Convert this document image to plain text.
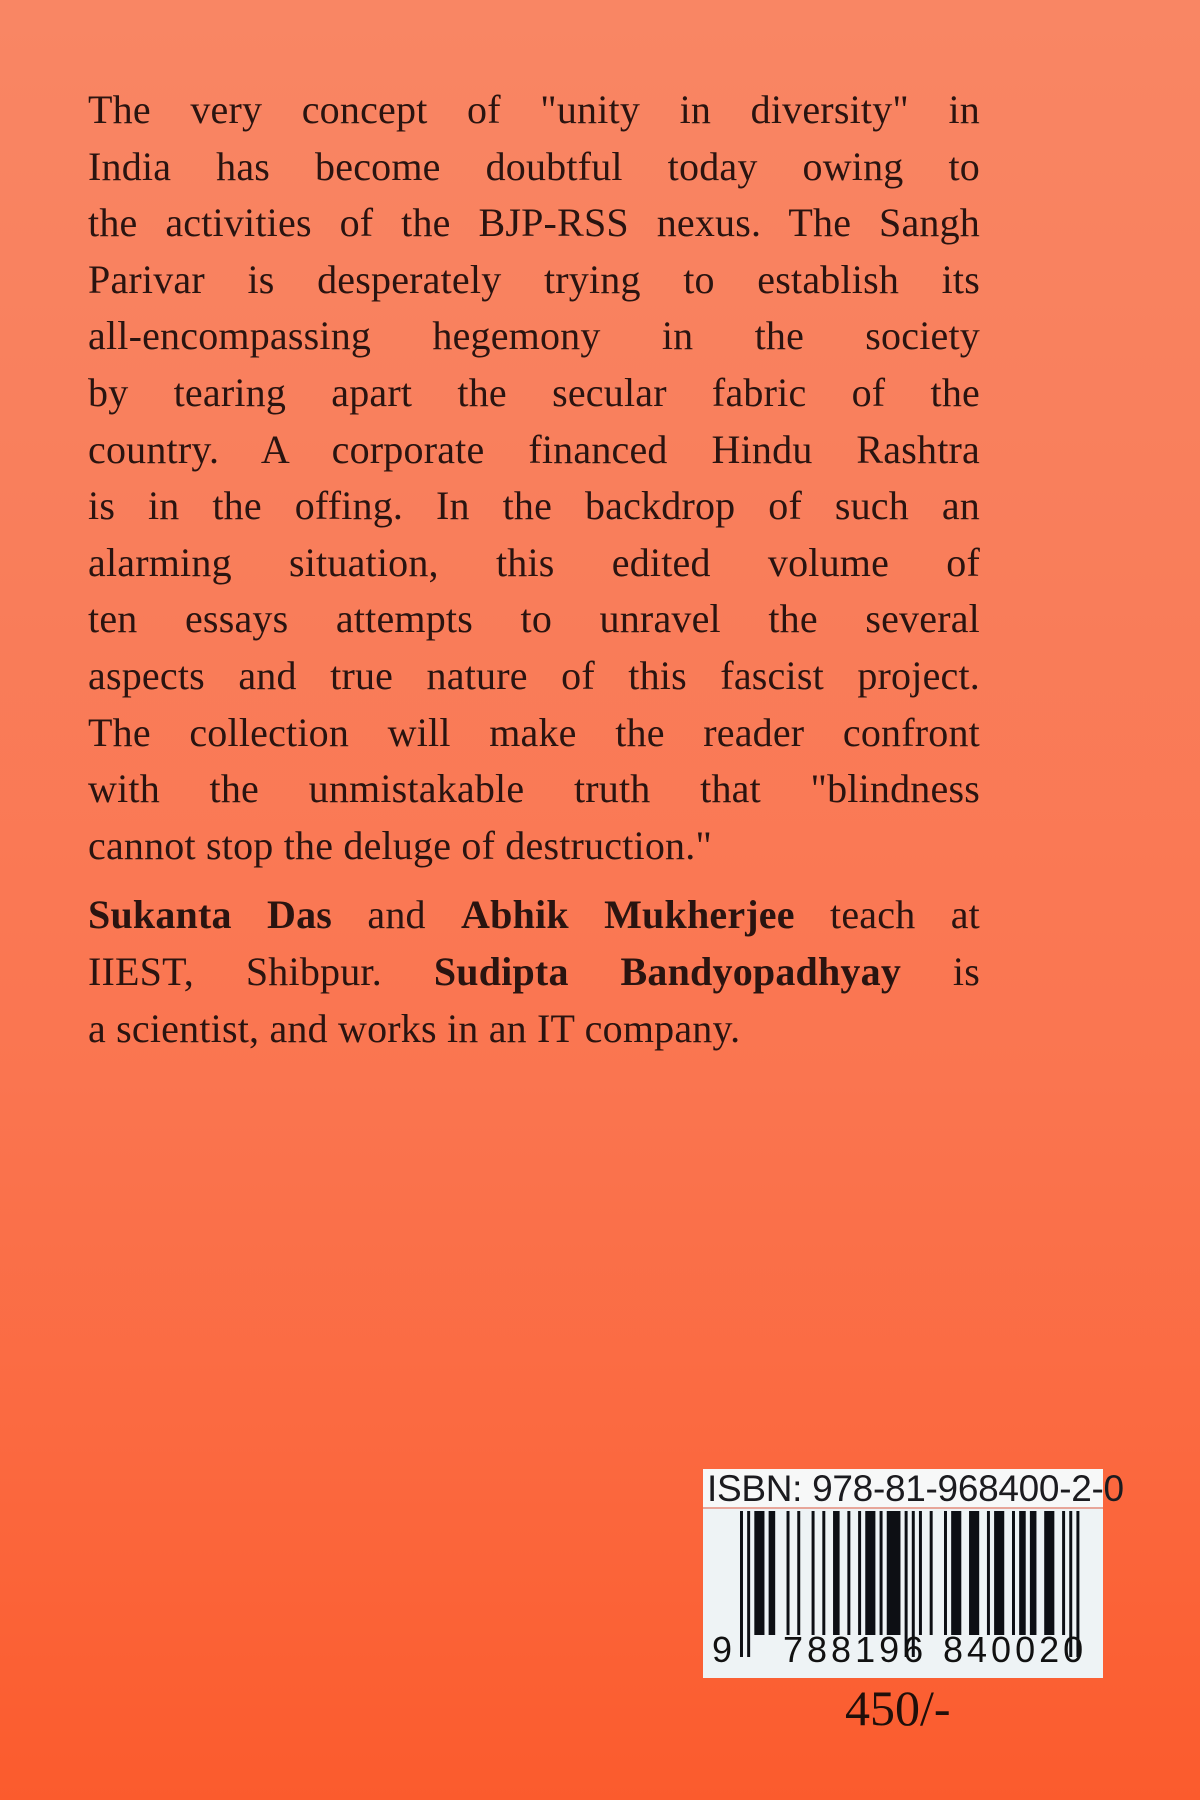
The very concept of "unity in diversity" in
India has become doubtful today owing to
the activities of the BJP-RSS nexus. The Sangh
Parivar is desperately trying to establish its
all-encompassing hegemony in the society
by tearing apart the secular fabric of the
country. A corporate financed Hindu Rashtra
is in the offing. In the backdrop of such an
alarming situation, this edited volume of
ten essays attempts to unravel the several
aspects and true nature of this fascist project.
The collection will make the reader confront
with the unmistakable truth that "blindness
cannot stop the deluge of destruction."

Sukanta Das and Abhik Mukherjee teach at
IIEST, Shibpur. Sudipta Bandyopadhyay is
a scientist, and works in an IT company.

ISBN: 978-81-968400-2-0
9 788196 840020
450/-
